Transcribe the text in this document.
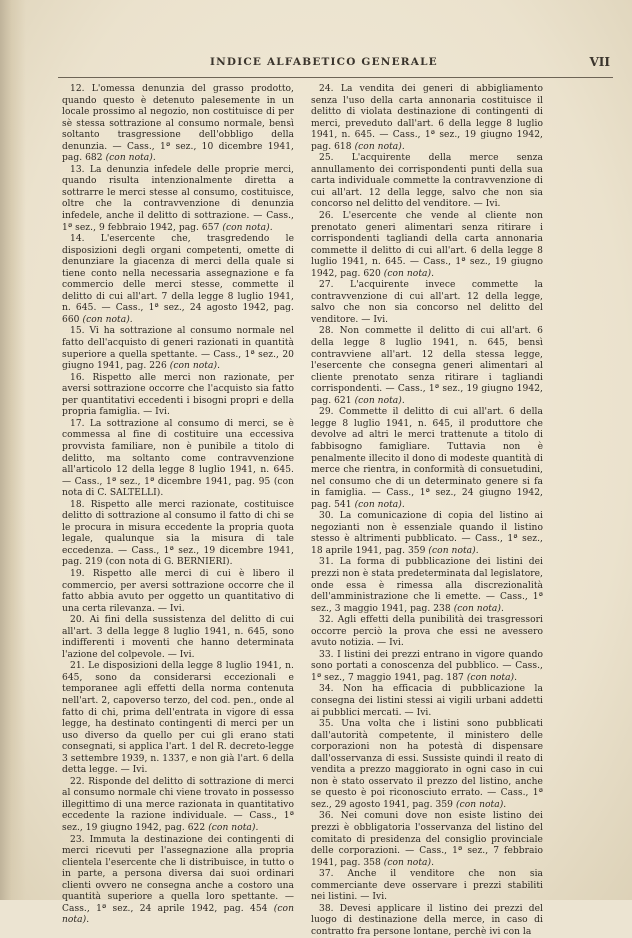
INDICE ALFABETICO GENERALE	VII

12. L'omessa denunzia del grasso prodotto, quando questo è detenuto palesemente in un locale prossimo al negozio, non costituisce di per sè stessa sottrazione al consumo normale, bensì soltanto trasgressione dell'obbligo della denunzia. — Cass., 1ª sez., 10 dicembre 1941, pag. 682 (con nota).

13. La denunzia infedele delle proprie merci, quando risulta intenzionalmente diretta a sottrarre le merci stesse al consumo, costituisce, oltre che la contravvenzione di denunzia infedele, anche il delitto di sottrazione. — Cass., 1ª sez., 9 febbraio 1942, pag. 657 (con nota).

14. L'esercente che, trasgredendo le disposizioni degli organi competenti, omette di denunziare la giacenza di merci della quale si tiene conto nella necessaria assegnazione e fa commercio delle merci stesse, commette il delitto di cui all'art. 7 della legge 8 luglio 1941, n. 645. — Cass., 1ª sez., 24 agosto 1942, pag. 660 (con nota).

15. Vi ha sottrazione al consumo normale nel fatto dell'acquisto di generi razionati in quantità superiore a quella spettante. — Cass., 1ª sez., 20 giugno 1941, pag. 226 (con nota).

16. Rispetto alle merci non razionate, per aversi sottrazione occorre che l'acquisto sia fatto per quantitativi eccedenti i bisogni propri e della propria famiglia. — Ivi.

17. La sottrazione al consumo di merci, se è commessa al fine di costituire una eccessiva provvista familiare, non è punibile a titolo di delitto, ma soltanto come contravvenzione all'articolo 12 della legge 8 luglio 1941, n. 645. — Cass., 1ª sez., 1ª dicembre 1941, pag. 95 (con nota di C. SALTELLI).

18. Rispetto alle merci razionate, costituisce delitto di sottrazione al consumo il fatto di chi se le procura in misura eccedente la propria quota legale, qualunque sia la misura di tale eccedenza. — Cass., 1ª sez., 19 dicembre 1941, pag. 219 (con nota di G. BERNIERI).

19. Rispetto alle merci di cui è libero il commercio, per aversi sottrazione occorre che il fatto abbia avuto per oggetto un quantitativo di una certa rilevanza. — Ivi.

20. Ai fini della sussistenza del delitto di cui all'art. 3 della legge 8 luglio 1941, n. 645, sono indifferenti i moventi che hanno determinata l'azione del colpevole. — Ivi.

21. Le disposizioni della legge 8 luglio 1941, n. 645, sono da considerarsi eccezionali e temporanee agli effetti della norma contenuta nell'art. 2, capoverso terzo, del cod. pen., onde al fatto di chi, prima dell'entrata in vigore di essa legge, ha destinato contingenti di merci per un uso diverso da quello per cui gli erano stati consegnati, si applica l'art. 1 del R. decreto-legge 3 settembre 1939, n. 1337, e non già l'art. 6 della detta legge. — Ivi.

22. Risponde del delitto di sottrazione di merci al consumo normale chi viene trovato in possesso illegittimo di una merce razionata in quantitativo eccedente la razione individuale. — Cass., 1ª sez., 19 giugno 1942, pag. 622 (con nota).

23. Immuta la destinazione dei contingenti di merci ricevuti per l'assegnazione alla propria clientela l'esercente che li distribuisce, in tutto o in parte, a persona diversa dai suoi ordinari clienti ovvero ne consegna anche a costoro una quantità superiore a quella loro spettante. — Cass., 1ª sez., 24 aprile 1942, pag. 454 (con nota).

24. La vendita dei generi di abbigliamento senza l'uso della carta annonaria costituisce il delitto di violata destinazione di contingenti di merci, preveduto dall'art. 6 della legge 8 luglio 1941, n. 645. — Cass., 1ª sez., 19 giugno 1942, pag. 618 (con nota).

25. L'acquirente della merce senza annullamento dei corrispondenti punti della sua carta individuale commette la contravvenzione di cui all'art. 12 della legge, salvo che non sia concorso nel delitto del venditore. — Ivi.

26. L'esercente che vende al cliente non prenotato generi alimentari senza ritirare i corrispondenti tagliandi della carta annonaria commette il delitto di cui all'art. 6 della legge 8 luglio 1941, n. 645. — Cass., 1ª sez., 19 giugno 1942, pag. 620 (con nota).

27. L'acquirente invece commette la contravvenzione di cui all'art. 12 della legge, salvo che non sia concorso nel delitto del venditore. — Ivi.

28. Non commette il delitto di cui all'art. 6 della legge 8 luglio 1941, n. 645, bensì contravviene all'art. 12 della stessa legge, l'esercente che consegna generi alimentari al cliente prenotato senza ritirare i tagliandi corrispondenti. — Cass., 1ª sez., 19 giugno 1942, pag. 621 (con nota).

29. Commette il delitto di cui all'art. 6 della legge 8 luglio 1941, n. 645, il produttore che devolve ad altri le merci trattenute a titolo di fabbisogno famigliare. Tuttavia non è penalmente illecito il dono di modeste quantità di merce che rientra, in conformità di consuetudini, nel consumo che di un determinato genere si fa in famiglia. — Cass., 1ª sez., 24 giugno 1942, pag. 541 (con nota).

30. La comunicazione di copia del listino ai negozianti non è essenziale quando il listino stesso è altrimenti pubblicato. — Cass., 1ª sez., 18 aprile 1941, pag. 359 (con nota).

31. La forma di pubblicazione dei listini dei prezzi non è stata predeterminata dal legislatore, onde essa è rimessa alla discrezionalità dell'amministrazione che li emette. — Cass., 1ª sez., 3 maggio 1941, pag. 238 (con nota).

32. Agli effetti della punibilità dei trasgressori occorre perciò la prova che essi ne avessero avuto notizia. — Ivi.

33. I listini dei prezzi entrano in vigore quando sono portati a conoscenza del pubblico. — Cass., 1ª sez., 7 maggio 1941, pag. 187 (con nota).

34. Non ha efficacia di pubblicazione la consegna dei listini stessi ai vigili urbani addetti ai pubblici mercati. — Ivi.

35. Una volta che i listini sono pubblicati dall'autorità competente, il ministero delle corporazioni non ha potestà di dispensare dall'osservanza di essi. Sussiste quindi il reato di vendita a prezzo maggiorato in ogni caso in cui non è stato osservato il prezzo del listino, anche se questo è poi riconosciuto errato. — Cass., 1ª sez., 29 agosto 1941, pag. 359 (con nota).

36. Nei comuni dove non esiste listino dei prezzi è obbligatoria l'osservanza del listino del comitato di presidenza del consiglio provinciale delle corporazioni. — Cass., 1ª sez., 7 febbraio 1941, pag. 358 (con nota).

37. Anche il venditore che non sia commerciante deve osservare i prezzi stabiliti nei listini. — Ivi.

38. Devesi applicare il listino dei prezzi del luogo di destinazione della merce, in caso di contratto fra persone lontane, perchè ivi con la
